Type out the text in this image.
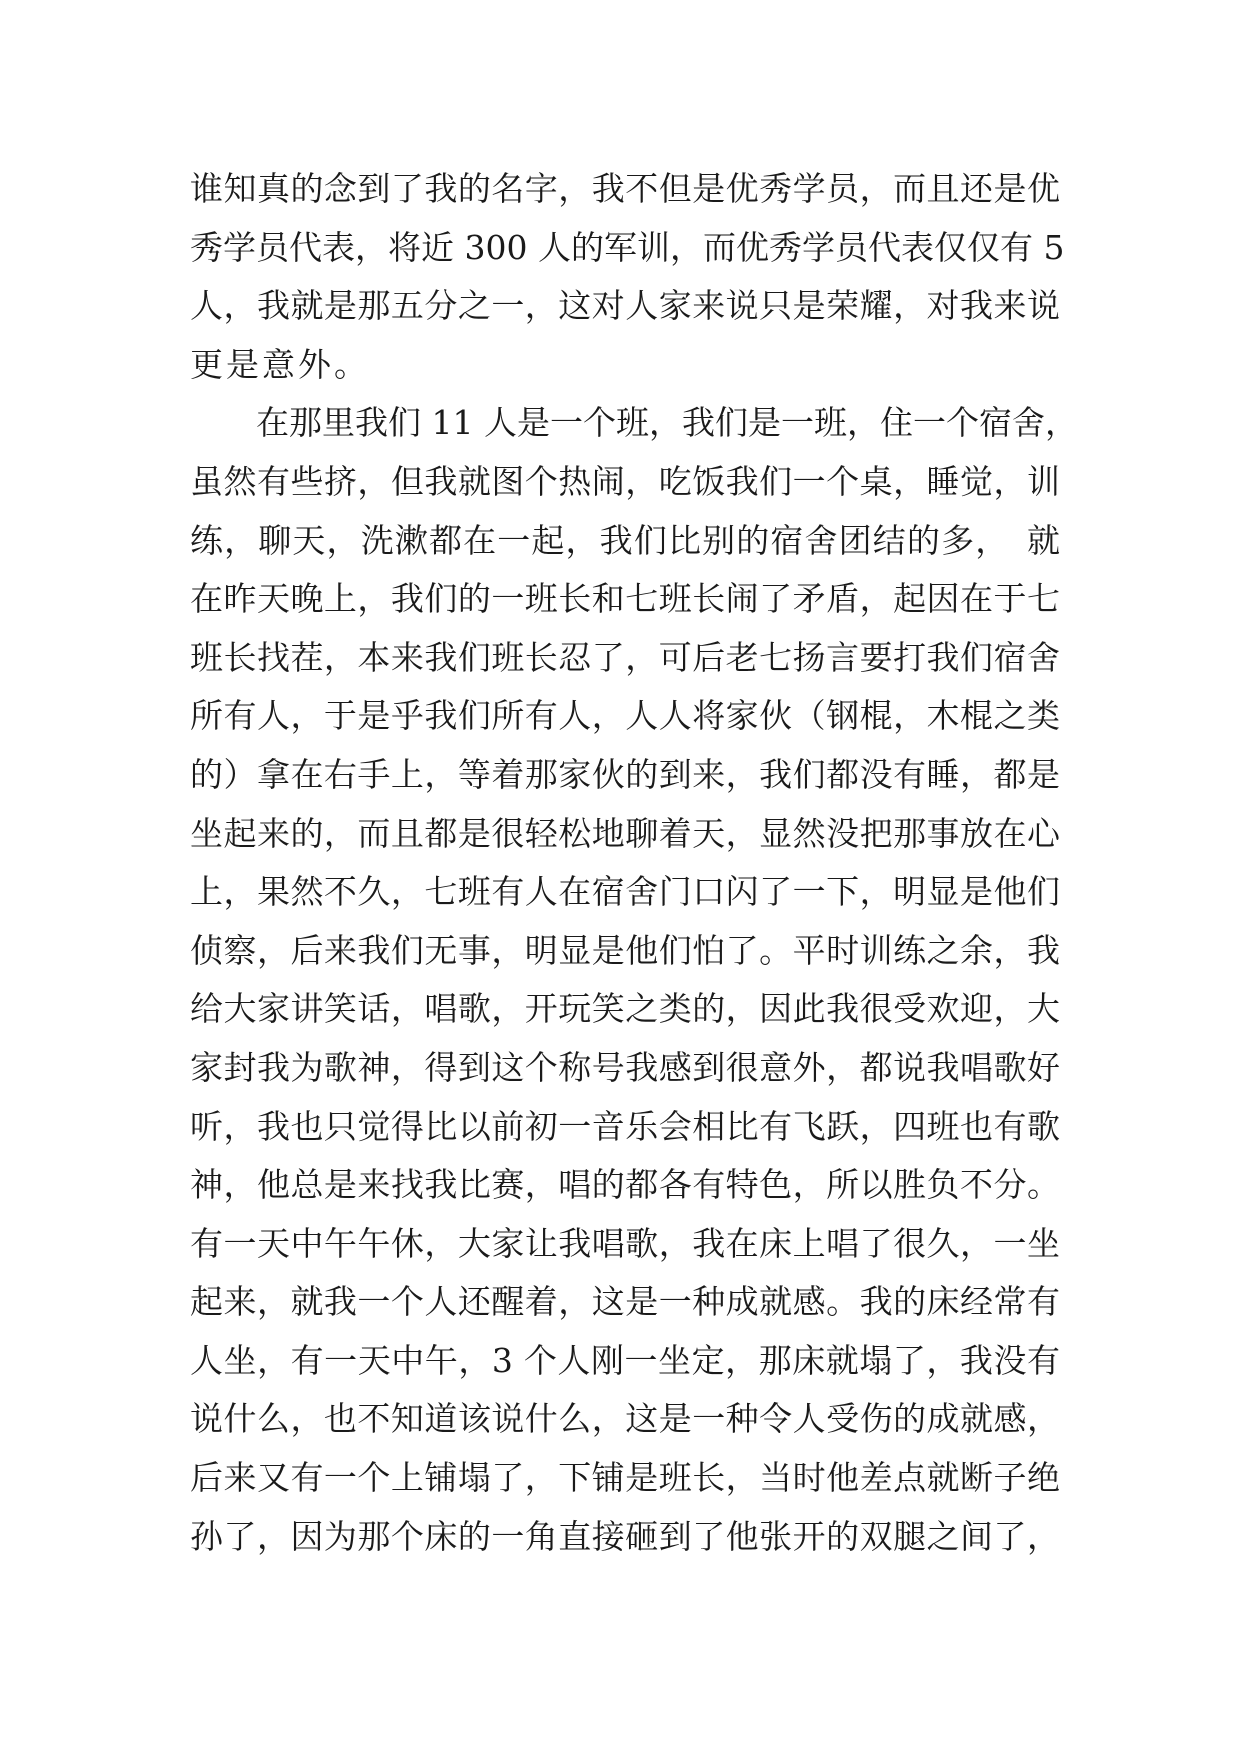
谁知真的念到了我的名字，我不但是优秀学员，而且还是优
秀学员代表，将近 300 人的军训，而优秀学员代表仅仅有 5
人，我就是那五分之一，这对人家来说只是荣耀，对我来说
更是意外。
在那里我们 11 人是一个班，我们是一班，住一个宿舍，
虽然有些挤，但我就图个热闹，吃饭我们一个桌，睡觉，训
练，聊天，洗漱都在一起，我们比别的宿舍团结的多，　就
在昨天晚上，我们的一班长和七班长闹了矛盾，起因在于七
班长找茬，本来我们班长忍了，可后老七扬言要打我们宿舍
所有人，于是乎我们所有人，人人将家伙（钢棍，木棍之类
的）拿在右手上，等着那家伙的到来，我们都没有睡，都是
坐起来的，而且都是很轻松地聊着天，显然没把那事放在心
上，果然不久，七班有人在宿舍门口闪了一下，明显是他们
侦察，后来我们无事，明显是他们怕了。平时训练之余，我
给大家讲笑话，唱歌，开玩笑之类的，因此我很受欢迎，大
家封我为歌神，得到这个称号我感到很意外，都说我唱歌好
听，我也只觉得比以前初一音乐会相比有飞跃，四班也有歌
神，他总是来找我比赛，唱的都各有特色，所以胜负不分。
有一天中午午休，大家让我唱歌，我在床上唱了很久，一坐
起来，就我一个人还醒着，这是一种成就感。我的床经常有
人坐，有一天中午，3 个人刚一坐定，那床就塌了，我没有
说什么，也不知道该说什么，这是一种令人受伤的成就感，
后来又有一个上铺塌了，下铺是班长，当时他差点就断子绝
孙了，因为那个床的一角直接砸到了他张开的双腿之间了，
